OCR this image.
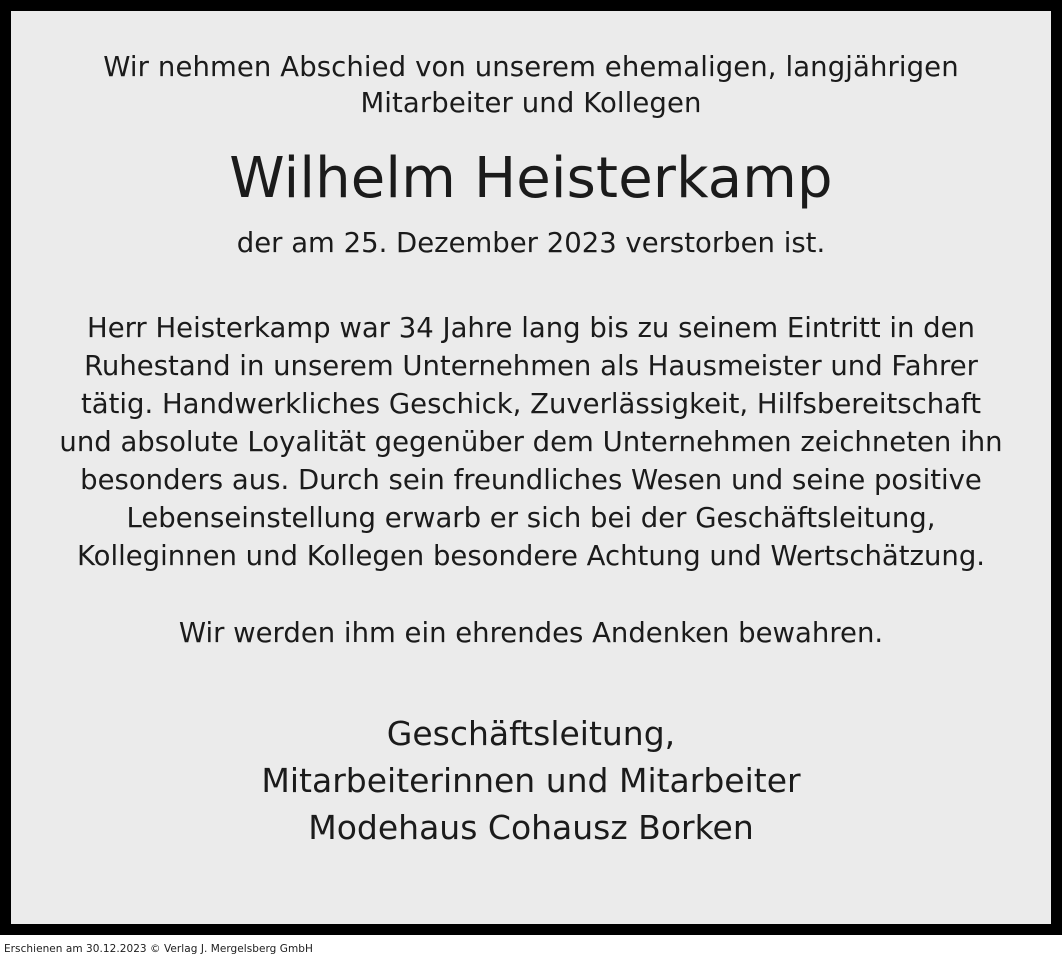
Wir nehmen Abschied von unserem ehemaligen, langjährigen Mitarbeiter und Kollegen
Wilhelm Heisterkamp
der am 25. Dezember 2023 verstorben ist.
Herr Heisterkamp war 34 Jahre lang bis zu seinem Eintritt in den Ruhestand in unserem Unternehmen als Hausmeister und Fahrer tätig. Handwerkliches Geschick, Zuverlässigkeit, Hilfsbereitschaft und absolute Loyalität gegenüber dem Unternehmen zeichneten ihn besonders aus. Durch sein freundliches Wesen und seine positive Lebenseinstellung erwarb er sich bei der Geschäftsleitung, Kolleginnen und Kollegen besondere Achtung und Wertschätzung.
Wir werden ihm ein ehrendes Andenken bewahren.
Geschäftsleitung,
Mitarbeiterinnen und Mitarbeiter
Modehaus Cohausz Borken
Erschienen am 30.12.2023 © Verlag J. Mergelsberg GmbH
